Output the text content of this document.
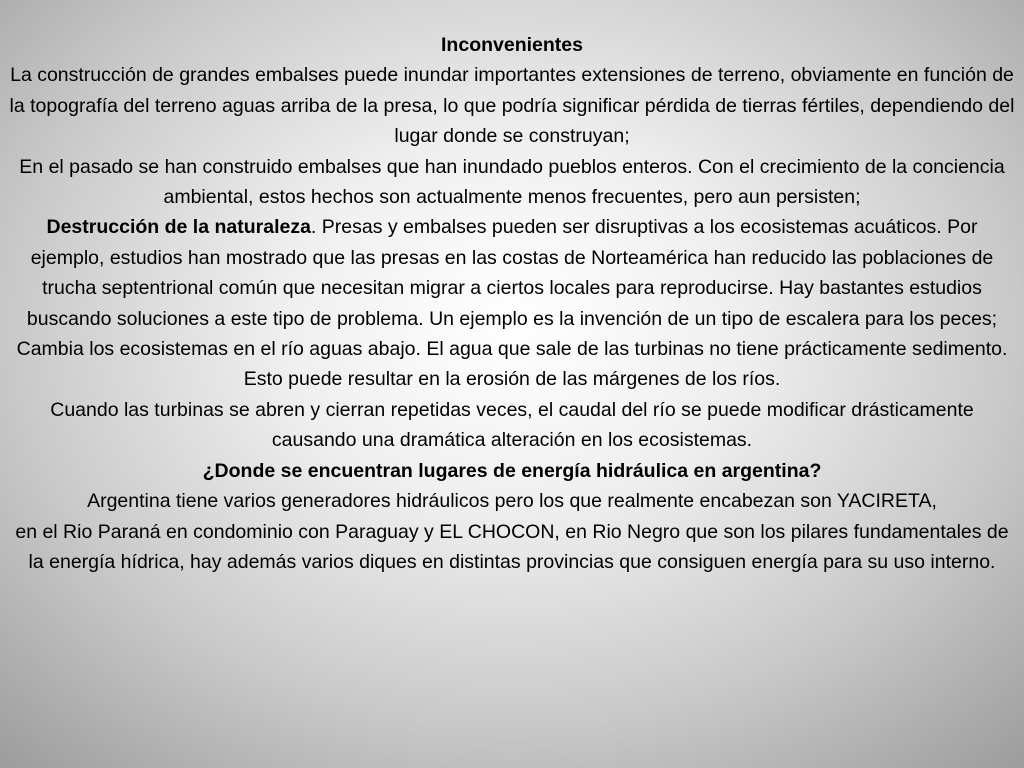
Inconvenientes

La construcción de grandes embalses puede inundar importantes extensiones de terreno, obviamente en función de la topografía del terreno aguas arriba de la presa, lo que podría significar pérdida de tierras fértiles, dependiendo del lugar donde se construyan;

En el pasado se han construido embalses que han inundado pueblos enteros. Con el crecimiento de la conciencia ambiental, estos hechos son actualmente menos frecuentes, pero aun persisten;

Destrucción de la naturaleza. Presas y embalses pueden ser disruptivas a los ecosistemas acuáticos. Por ejemplo, estudios han mostrado que las presas en las costas de Norteamérica han reducido las poblaciones de trucha septentrional común que necesitan migrar a ciertos locales para reproducirse. Hay bastantes estudios buscando soluciones a este tipo de problema. Un ejemplo es la invención de un tipo de escalera para los peces;

Cambia los ecosistemas en el río aguas abajo. El agua que sale de las turbinas no tiene prácticamente sedimento. Esto puede resultar en la erosión de las márgenes de los ríos.

Cuando las turbinas se abren y cierran repetidas veces, el caudal del río se puede modificar drásticamente causando una dramática alteración en los ecosistemas.

¿Donde se encuentran lugares de energía hidráulica en argentina?

Argentina tiene varios generadores hidráulicos pero los que realmente encabezan son YACIRETA,

en el Rio Paraná en condominio con Paraguay y EL CHOCON, en Rio Negro que son los pilares fundamentales de la energía hídrica, hay además varios diques en distintas provincias que consiguen energía para su uso interno.
